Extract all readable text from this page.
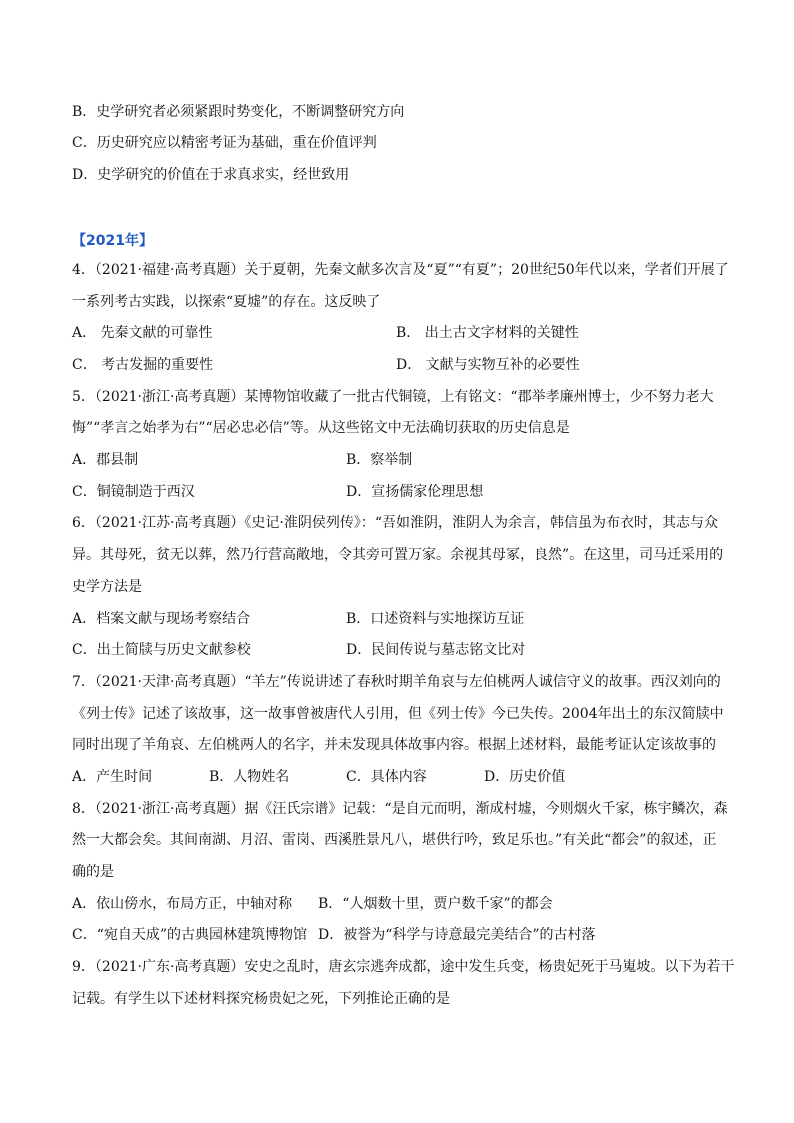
B．史学研究者必须紧跟时势变化，不断调整研究方向
C．历史研究应以精密考证为基础，重在价值评判
D．史学研究的价值在于求真求实，经世致用
【2021年】
4．（2021·福建·高考真题）关于夏朝，先秦文献多次言及“夏”“有夏”；20世纪50年代以来，学者们开展了
一系列考古实践，以探索“夏墟”的存在。这反映了
A． 先秦文献的可靠性	B． 出土古文字材料的关键性
C． 考古发掘的重要性	D． 文献与实物互补的必要性
5．（2021·浙江·高考真题）某博物馆收藏了一批古代铜镜，上有铭文：“郡举孝廉州博士，少不努力老大
悔”“孝言之始孝为右”“居必忠必信”等。从这些铭文中无法确切获取的历史信息是
A．郡县制	B．察举制
C．铜镜制造于西汉	D．宣扬儒家伦理思想
6．（2021·江苏·高考真题）《史记·淮阴侯列传》：“吾如淮阴，淮阴人为余言，韩信虽为布衣时，其志与众
异。其母死，贫无以葬，然乃行营高敞地，令其旁可置万家。余视其母冢，良然”。在这里，司马迁采用的
史学方法是
A．档案文献与现场考察结合	B．口述资料与实地探访互证
C．出土简牍与历史文献参校	D．民间传说与墓志铭文比对
7．（2021·天津·高考真题）“羊左”传说讲述了春秋时期羊角哀与左伯桃两人诚信守义的故事。西汉刘向的
《列士传》记述了该故事，这一故事曾被唐代人引用，但《列士传》今已失传。2004年出土的东汉简牍中
同时出现了羊角哀、左伯桃两人的名字，并未发现具体故事内容。根据上述材料，最能考证认定该故事的
A．产生时间	B．人物姓名	C．具体内容	D．历史价值
8．（2021·浙江·高考真题）据《汪氏宗谱》记载：“是自元而明，渐成村墟，今则烟火千家，栋宇鳞次，森
然一大都会矣。其间南湖、月沼、雷岗、西溪胜景凡八，堪供行吟，致足乐也。”有关此“都会”的叙述，正
确的是
A．依山傍水，布局方正，中轴对称 B．“人烟数十里，贾户数千家”的都会
C．“宛自天成”的古典园林建筑博物馆 D．被誉为“科学与诗意最完美结合”的古村落
9．（2021·广东·高考真题）安史之乱时，唐玄宗逃奔成都，途中发生兵变，杨贵妃死于马嵬坡。以下为若干
记载。有学生以下述材料探究杨贵妃之死，下列推论正确的是
